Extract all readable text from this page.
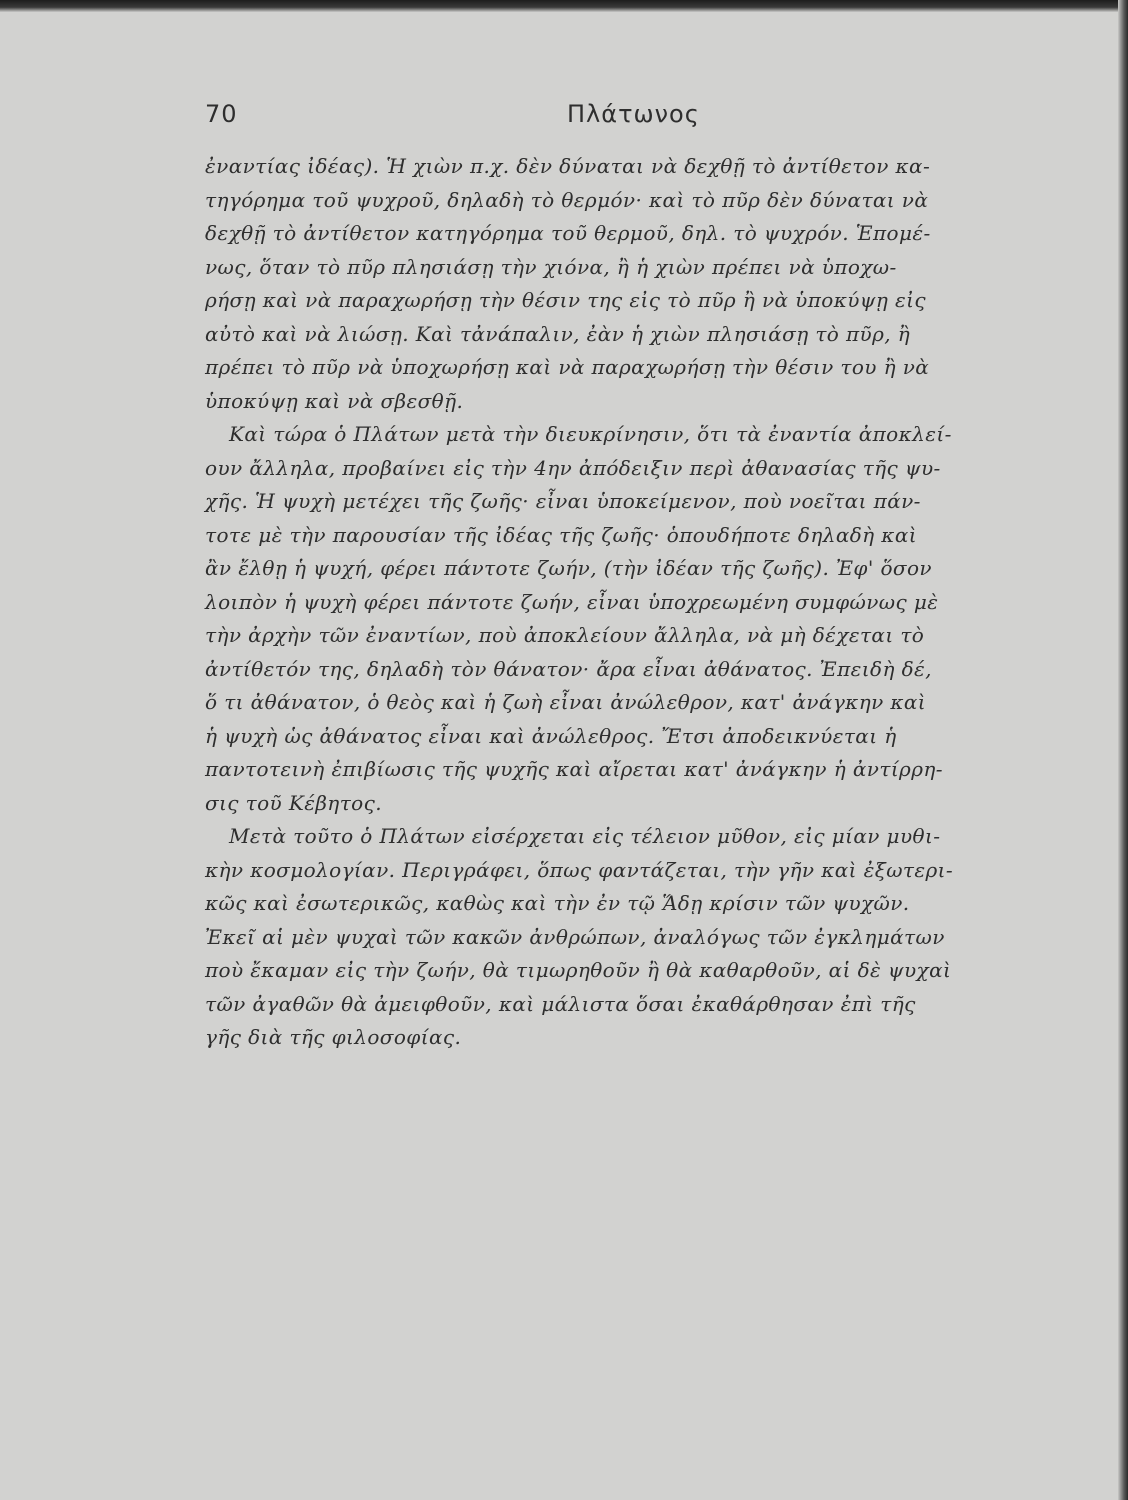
70	Πλάτωνος
ἐναντίας ἰδέας). Ἡ χιὼν π.χ. δὲν δύναται νὰ δεχθῇ τὸ ἀντίθετον κα-
τηγόρημα τοῦ ψυχροῦ, δηλαδὴ τὸ θερμόν· καὶ τὸ πῦρ δὲν δύναται νὰ
δεχθῇ τὸ ἀντίθετον κατηγόρημα τοῦ θερμοῦ, δηλ. τὸ ψυχρόν. Ἑπομέ-
νως, ὅταν τὸ πῦρ πλησιάσῃ τὴν χιόνα, ἢ ἡ χιὼν πρέπει νὰ ὑποχω-
ρήσῃ καὶ νὰ παραχωρήσῃ τὴν θέσιν της εἰς τὸ πῦρ ἢ νὰ ὑποκύψῃ εἰς
αὐτὸ καὶ νὰ λιώσῃ. Καὶ τἀνάπαλιν, ἐὰν ἡ χιὼν πλησιάσῃ τὸ πῦρ, ἢ
πρέπει τὸ πῦρ νὰ ὑποχωρήσῃ καὶ νὰ παραχωρήσῃ τὴν θέσιν του ἢ νὰ
ὑποκύψῃ καὶ νὰ σβεσθῇ.
Καὶ τώρα ὁ Πλάτων μετὰ τὴν διευκρίνησιν, ὅτι τὰ ἐναντία ἀποκλεί-
ουν ἄλληλα, προβαίνει εἰς τὴν 4ην ἀπόδειξιν περὶ ἀθανασίας τῆς ψυ-
χῆς. Ἡ ψυχὴ μετέχει τῆς ζωῆς· εἶναι ὑποκείμενον, ποὺ νοεῖται πάν-
τοτε μὲ τὴν παρουσίαν τῆς ἰδέας τῆς ζωῆς· ὁπουδήποτε δηλαδὴ καὶ
ἂν ἔλθῃ ἡ ψυχή, φέρει πάντοτε ζωήν, (τὴν ἰδέαν τῆς ζωῆς). Ἐφ' ὅσον
λοιπὸν ἡ ψυχὴ φέρει πάντοτε ζωήν, εἶναι ὑποχρεωμένη συμφώνως μὲ
τὴν ἀρχὴν τῶν ἐναντίων, ποὺ ἀποκλείουν ἄλληλα, νὰ μὴ δέχεται τὸ
ἀντίθετόν της, δηλαδὴ τὸν θάνατον· ἄρα εἶναι ἀθάνατος. Ἐπειδὴ δέ,
ὅ τι ἀθάνατον, ὁ θεὸς καὶ ἡ ζωὴ εἶναι ἀνώλεθρον, κατ' ἀνάγκην καὶ
ἡ ψυχὴ ὡς ἀθάνατος εἶναι καὶ ἀνώλεθρος. Ἔτσι ἀποδεικνύεται ἡ
παντοτεινὴ ἐπιβίωσις τῆς ψυχῆς καὶ αἴρεται κατ' ἀνάγκην ἡ ἀντίρρη-
σις τοῦ Κέβητος.
Μετὰ τοῦτο ὁ Πλάτων εἰσέρχεται εἰς τέλειον μῦθον, εἰς μίαν μυθι-
κὴν κοσμολογίαν. Περιγράφει, ὅπως φαντάζεται, τὴν γῆν καὶ ἐξωτερι-
κῶς καὶ ἐσωτερικῶς, καθὼς καὶ τὴν ἐν τῷ Ἅδῃ κρίσιν τῶν ψυχῶν.
Ἐκεῖ αἱ μὲν ψυχαὶ τῶν κακῶν ἀνθρώπων, ἀναλόγως τῶν ἐγκλημάτων
ποὺ ἔκαμαν εἰς τὴν ζωήν, θὰ τιμωρηθοῦν ἢ θὰ καθαρθοῦν, αἱ δὲ ψυχαὶ
τῶν ἀγαθῶν θὰ ἀμειφθοῦν, καὶ μάλιστα ὅσαι ἐκαθάρθησαν ἐπὶ τῆς
γῆς διὰ τῆς φιλοσοφίας.
